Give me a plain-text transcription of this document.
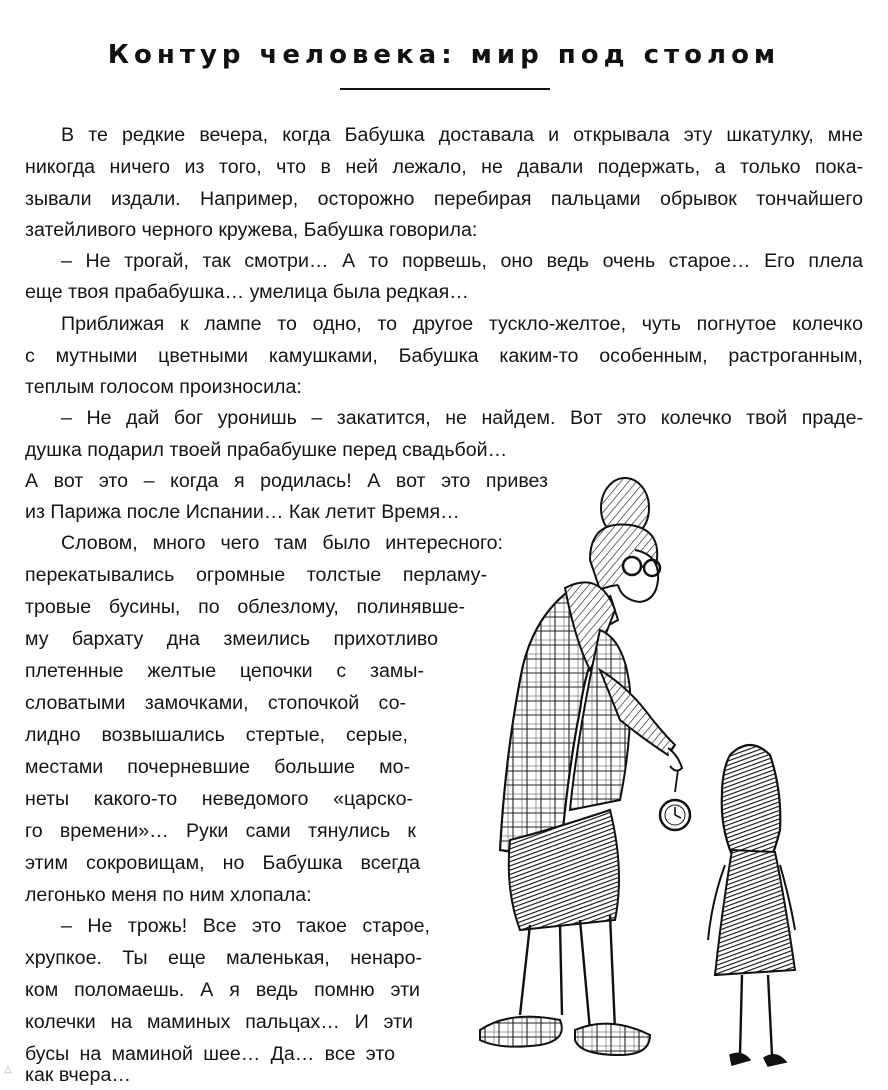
Контур человека: мир под столом
В те редкие вечера, когда Бабушка доставала и открывала эту шкатулку, мне
никогда ничего из того, что в ней лежало, не давали подержать, а только пока-
зывали издали. Например, осторожно перебирая пальцами обрывок тончайшего
затейливого черного кружева, Бабушка говорила:
– Не трогай, так смотри… А то порвешь, оно ведь очень старое… Его плела
еще твоя прабабушка… умелица была редкая…
Приближая к лампе то одно, то другое тускло-желтое, чуть погнутое колечко
с мутными цветными камушками, Бабушка каким-то особенным, растроганным,
теплым голосом произносила:
– Не дай бог уронишь – закатится, не найдем. Вот это колечко твой праде-
душка подарил твоей прабабушке перед свадьбой…
А вот это – когда я родилась! А вот это привез
из Парижа после Испании… Как летит Время…
Словом, много чего там было интересного:
перекатывались огромные толстые перламу-
тровые бусины, по облезлому, полинявше-
му бархату дна змеились прихотливо
плетенные желтые цепочки с замы-
словатыми замочками, стопочкой со-
лидно возвышались стертые, серые,
местами почерневшие большие мо-
неты какого-то неведомого «царско-
го времени»… Руки сами тянулись к
этим сокровищам, но Бабушка всегда
легонько меня по ним хлопала:
– Не трожь! Все это такое старое,
хрупкое. Ты еще маленькая, ненаро-
ком поломаешь. А я ведь помню эти
колечки на маминых пальцах… И эти
бусы на маминой шее… Да… все это
как вчера…
△
